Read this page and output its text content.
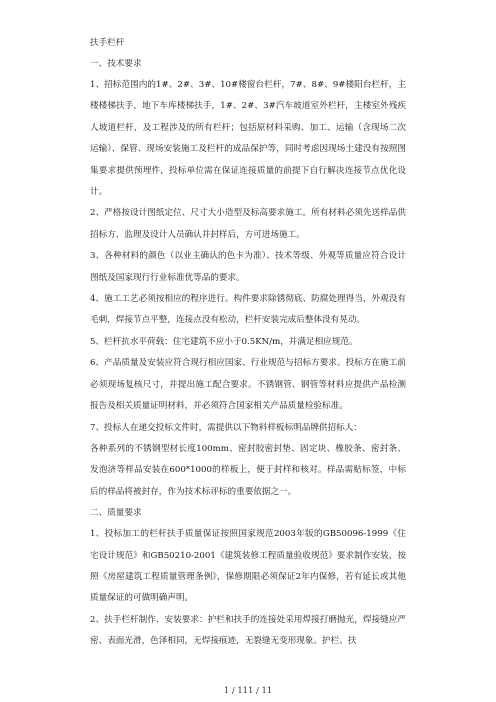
扶手栏杆
一、技术要求

1、招标范围内的1#、2#、3#、10#楼窗台栏杆，7#、8#、9#楼阳台栏杆，主楼楼梯扶手，地下车库楼梯扶手，1#、2#、3#汽车坡道室外栏杆，主楼室外残疾人坡道栏杆，及工程涉及的所有栏杆；包括原材料采购、加工、运输（含现场二次运输）、保管、现场安装施工及栏杆的成品保护等，同时考虑因现场土建没有按照图集要求提供预埋件，投标单位需在保证连接质量的前提下自行解决连接节点优化设计。

2、严格按设计图纸定位、尺寸大小造型及标高要求施工。所有材料必须先送样品供招标方、监理及设计人员确认并封样后，方可进场施工。

3、各种材料的颜色（以业主确认的色卡为准）、技术等级、外观等质量应符合设计图纸及国家现行行业标准优等品的要求。

4、施工工艺必须按相应的程序进行。构件要求除锈彻底、防腐处理得当，外观没有毛刺，焊接节点平整，连接点没有松动，栏杆安装完成后整体没有晃动。

5、栏杆抗水平荷载：住宅建筑不应小于0.5KN/m，并满足相应规范。

6、产品质量及安装应符合现行相应国家、行业规范与招标方要求。投标方在施工前必须现场复核尺寸，并提出施工配合要求。不锈钢管、钢管等材料应提供产品检测报告及相关质量证明材料，并必须符合国家相关产品质量检验标准。

7、投标人在递交投标文件时，需提供以下物料样板标明品牌供招标人：

各种系列的不锈钢型材长度100mm、密封胶密封垫、固定块、橡胶条、密封条、发泡济等样品安装在600*1000的样板上，便于封样和核对。样品需贴标签，中标后的样品将被封存，作为技术标评标的重要依据之一。

二、质量要求

1、投标加工的栏杆扶手质量保证按照国家规范2003年版的GB50096-1999《住宅设计规范》和GB50210-2001《建筑装修工程质量验收规范》要求制作安装，按照《房屋建筑工程质量管理条例》，保修期限必须保证2年内保修，若有延长或其他质量保证的可做明确声明。

2、扶手栏杆制作、安装要求：护栏和扶手的连接处采用焊接打磨抛光，焊接缝应严密、表面光滑，色泽相同，无焊接痕迹，无裂缝无变形现象。护栏、扶

1 / 111 / 11
